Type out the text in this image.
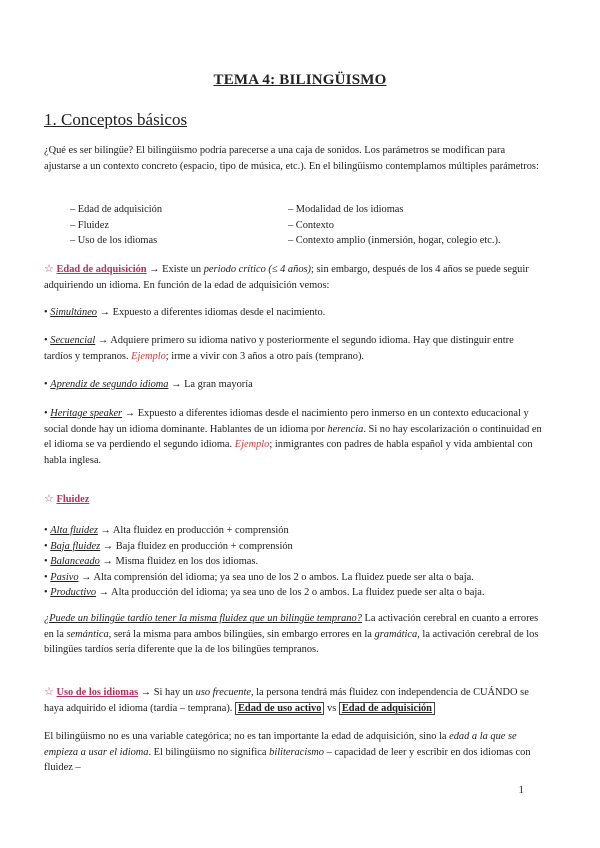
TEMA 4: BILINGÜISMO
1. Conceptos básicos
¿Qué es ser bilingüe? El bilingüismo podría parecerse a una caja de sonidos. Los parámetros se modifican para ajustarse a un contexto concreto (espacio, tipo de música, etc.). En el bilingüismo contemplamos múltiples parámetros:
– Edad de adquisición
– Fluidez
– Uso de los idiomas
– Modalidad de los idiomas
– Contexto
– Contexto amplio (inmersión, hogar, colegio etc.).
☆ Edad de adquisición → Existe un periodo crítico (≤ 4 años); sin embargo, después de los 4 años se puede seguir adquiriendo un idioma. En función de la edad de adquisición vemos:
• Simultáneo → Expuesto a diferentes idiomas desde el nacimiento.
• Secuencial → Adquiere primero su idioma nativo y posteriormente el segundo idioma. Hay que distinguir entre tardíos y tempranos. Ejemplo; irme a vivir con 3 años a otro país (temprano).
• Aprendiz de segundo idioma → La gran mayoría
• Heritage speaker → Expuesto a diferentes idiomas desde el nacimiento pero inmerso en un contexto educacional y social donde hay un idioma dominante. Hablantes de un idioma por herencia. Si no hay escolarización o continuidad en el idioma se va perdiendo el segundo idioma. Ejemplo; inmigrantes con padres de habla español y vida ambiental con habla inglesa.
☆ Fluidez
• Alta fluidez → Alta fluidez en producción + comprensión
• Baja fluidez → Baja fluidez en producción + comprensión
• Balanceado → Misma fluidez en los dos idiomas.
• Pasivo → Alta comprensión del idioma; ya sea uno de los 2 o ambos. La fluidez puede ser alta o baja.
• Productivo → Alta producción del idioma; ya sea uno de los 2 o ambos. La fluidez puede ser alta o baja.
¿Puede un bilingüe tardío tener la misma fluidez que un bilingüe temprano? La activación cerebral en cuanto a errores en la semántica, será la misma para ambos bilingües, sin embargo errores en la gramática, la activación cerebral de los bilingües tardíos sería diferente que la de los bilingües tempranos.
☆ Uso de los idiomas → Si hay un uso frecuente, la persona tendrá más fluidez con independencia de CUÁNDO se haya adquirido el idioma (tardía – temprana). Edad de uso activo vs Edad de adquisición
El bilingüismo no es una variable categórica; no es tan importante la edad de adquisición, sino la edad a la que se empieza a usar el idioma. El bilingüismo no significa biliteracismo – capacidad de leer y escribir en dos idiomas con fluidez –
1
